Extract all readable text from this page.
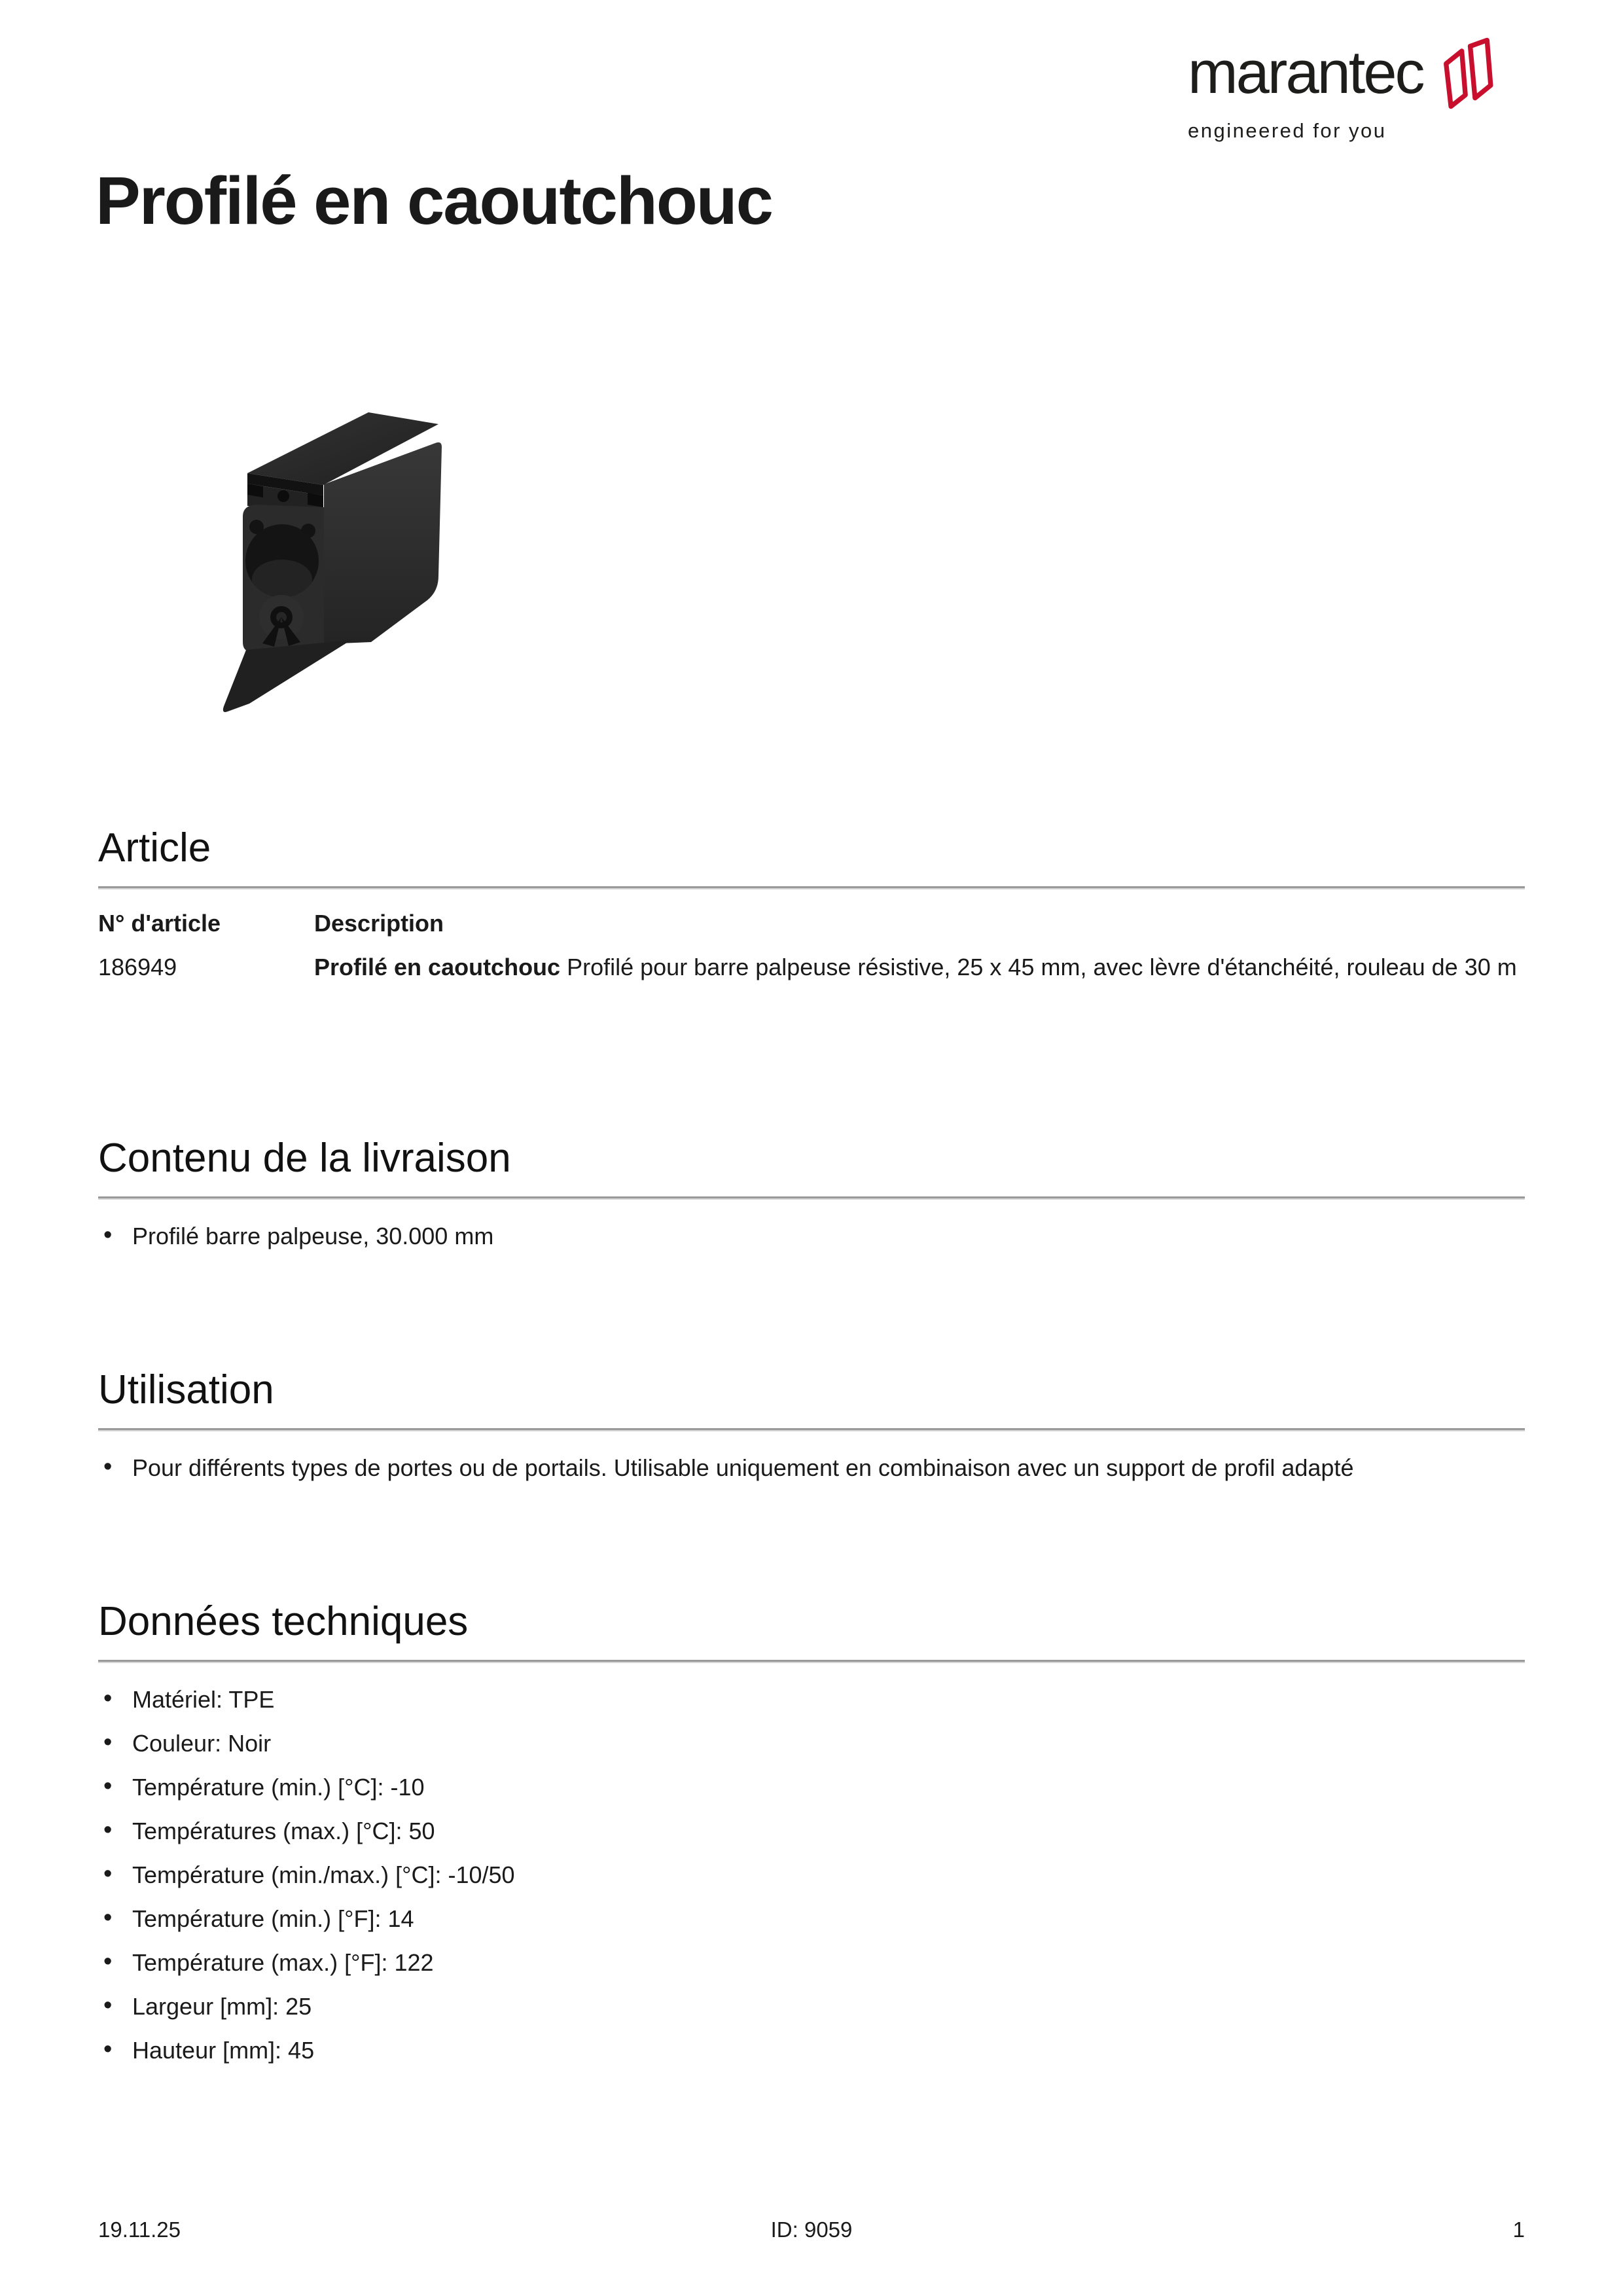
marantec
engineered for you
Profilé en caoutchouc
Article
N° d'article	Description
186949	Profilé en caoutchouc Profilé pour barre palpeuse résistive, 25 x 45 mm, avec lèvre d'étanchéité, rouleau de 30 m
Contenu de la livraison
• Profilé barre palpeuse, 30.000 mm
Utilisation
• Pour différents types de portes ou de portails. Utilisable uniquement en combinaison avec un support de profil adapté
Données techniques
• Matériel: TPE
• Couleur: Noir
• Température (min.) [°C]: -10
• Températures (max.) [°C]: 50
• Température (min./max.) [°C]: -10/50
• Température (min.) [°F]: 14
• Température (max.) [°F]: 122
• Largeur [mm]: 25
• Hauteur [mm]: 45
19.11.25	ID: 9059	1
